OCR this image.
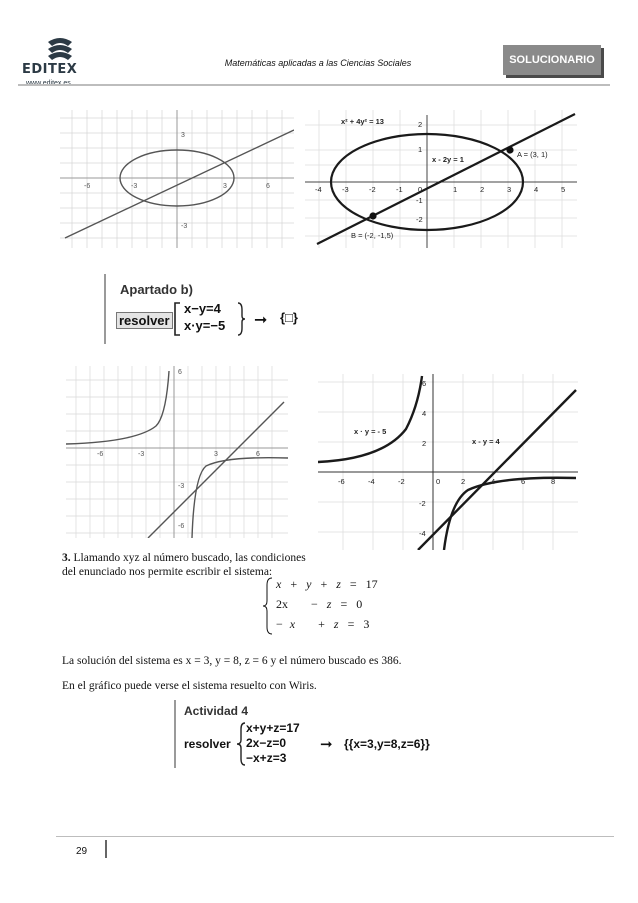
EDITEX	Matemáticas aplicadas a las Ciencias Sociales	SOLUCIONARIO
-6	-3	3	6
3
-3
x² + 4y² = 13
x - 2y = 1
A = (3, 1)
B = (-2, -1,5)
-4	-3	-2	-1 0	1	2	3	4	5
2
1
-1
-2
Apartado b)
resolver
x−y=4
x·y=−5 ➞ {□}
-6	-3	3	6
6
-3
-6
x · y = - 5
x - y = 4
-6	-4	-2	0	2	4	6	8
6
4
2
-2
-4
3. Llamando xyz al número buscado, las condiciones
del enunciado nos permite escribir el sistema:
x + y + z = 17
2x − z = 0
− x + z = 3
La solución del sistema es x = 3, y = 8, z = 6 y el número buscado es 386.
En el gráfico puede verse el sistema resuelto con Wiris.
Actividad 4
resolver
x+y+z=17
2x−z=0
−x+z=3
➞ {{x=3,y=8,z=6}}
29
